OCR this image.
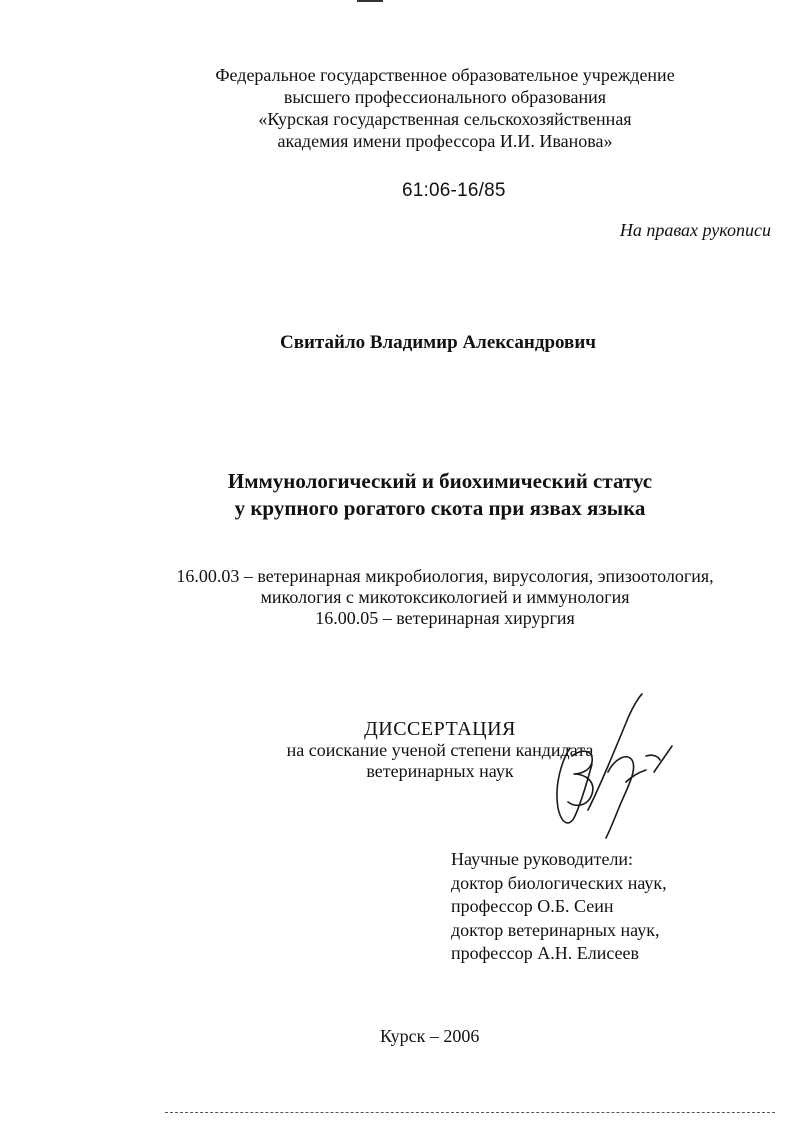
Федеральное государственное образовательное учреждение
высшего профессионального образования
«Курская государственная сельскохозяйственная
академия имени профессора И.И. Иванова»
61:06-16/85
На правах рукописи
Свитайло Владимир Александрович
Иммунологический и биохимический статус
у крупного рогатого скота при язвах языка
16.00.03 – ветеринарная микробиология, вирусология, эпизоотология,
микология с микотоксикологией и иммунология
16.00.05 – ветеринарная хирургия
ДИССЕРТАЦИЯ
на соискание ученой степени кандидата
ветеринарных наук
Научные руководители:
доктор биологических наук,
профессор О.Б. Сеин
доктор ветеринарных наук,
профессор А.Н. Елисеев
Курск – 2006
